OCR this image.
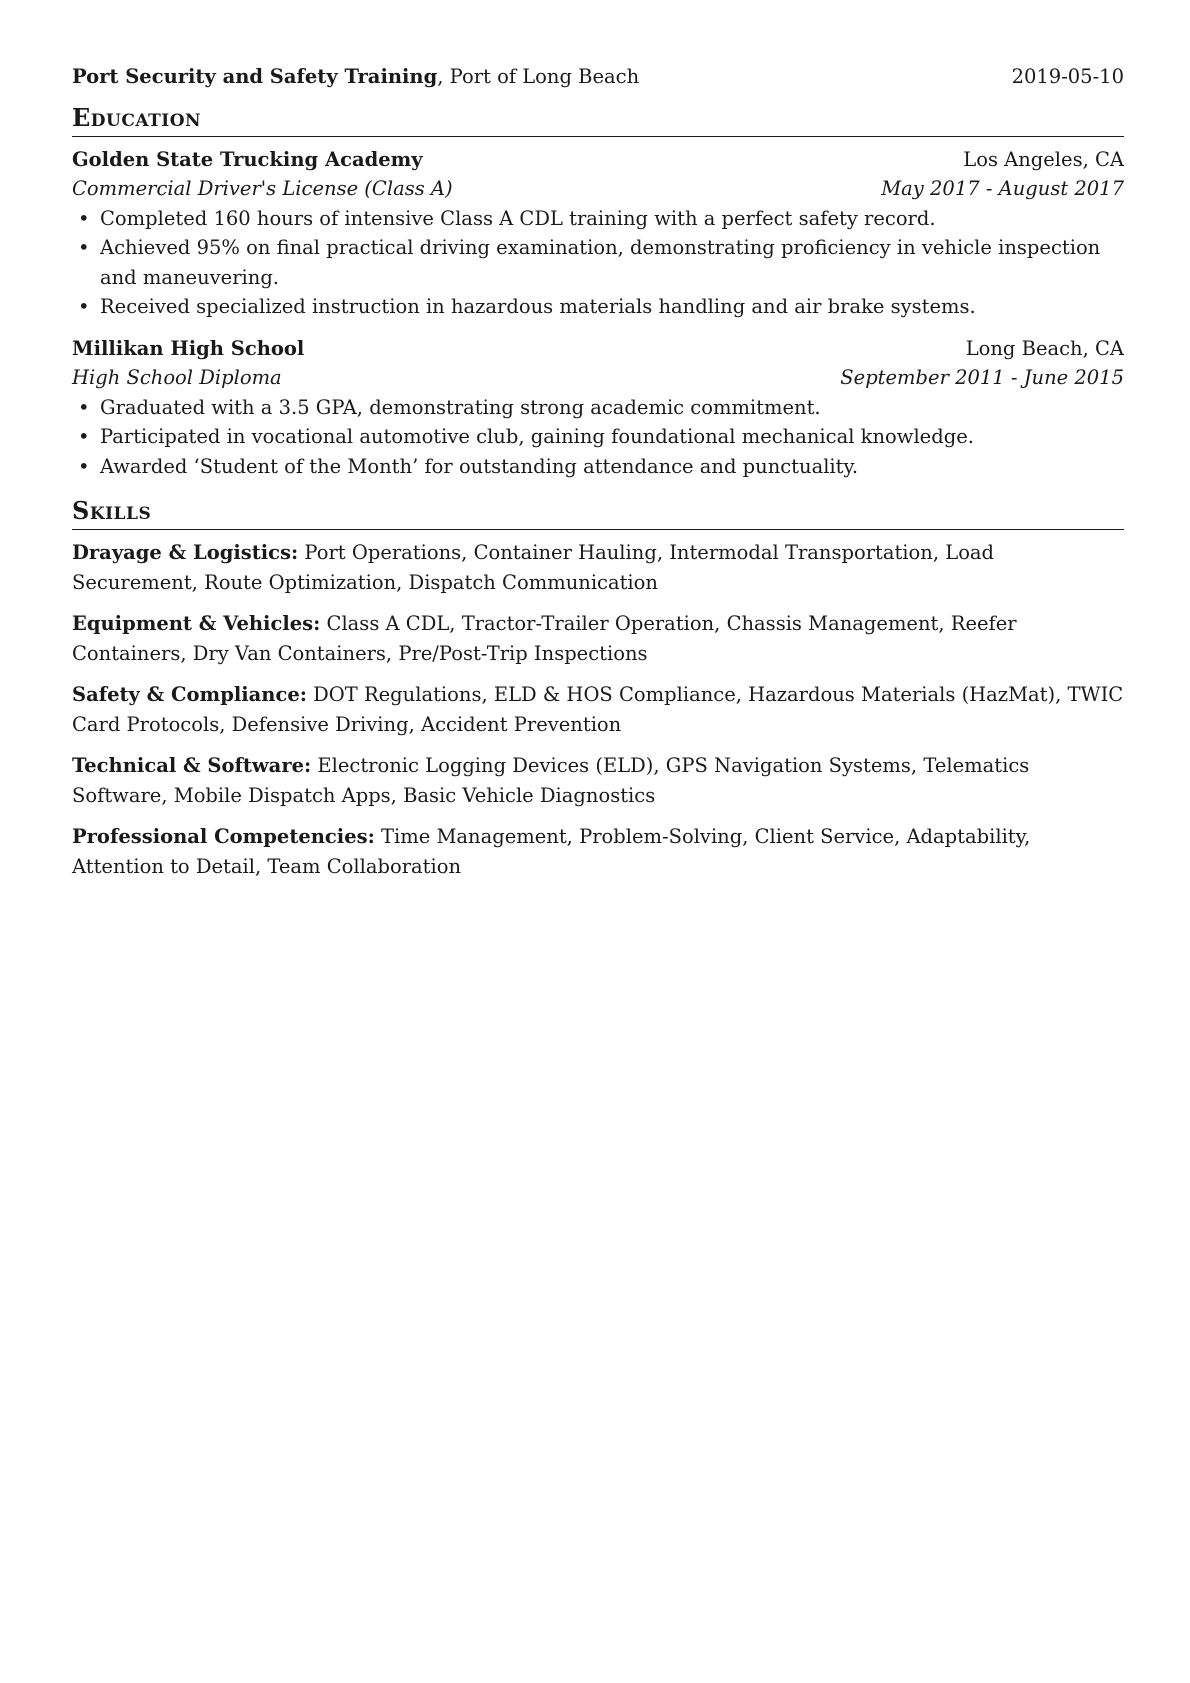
Port Security and Safety Training, Port of Long Beach	2019-05-10
Education
Golden State Trucking Academy	Los Angeles, CA
Commercial Driver's License (Class A)	May 2017 - August 2017
• Completed 160 hours of intensive Class A CDL training with a perfect safety record.
• Achieved 95% on final practical driving examination, demonstrating proficiency in vehicle inspection and maneuvering.
• Received specialized instruction in hazardous materials handling and air brake systems.
Millikan High School	Long Beach, CA
High School Diploma	September 2011 - June 2015
• Graduated with a 3.5 GPA, demonstrating strong academic commitment.
• Participated in vocational automotive club, gaining foundational mechanical knowledge.
• Awarded ‘Student of the Month’ for outstanding attendance and punctuality.
Skills
Drayage & Logistics: Port Operations, Container Hauling, Intermodal Transportation, Load Securement, Route Optimization, Dispatch Communication
Equipment & Vehicles: Class A CDL, Tractor-Trailer Operation, Chassis Management, Reefer Containers, Dry Van Containers, Pre/Post-Trip Inspections
Safety & Compliance: DOT Regulations, ELD & HOS Compliance, Hazardous Materials (HazMat), TWIC Card Protocols, Defensive Driving, Accident Prevention
Technical & Software: Electronic Logging Devices (ELD), GPS Navigation Systems, Telematics Software, Mobile Dispatch Apps, Basic Vehicle Diagnostics
Professional Competencies: Time Management, Problem-Solving, Client Service, Adaptability, Attention to Detail, Team Collaboration
